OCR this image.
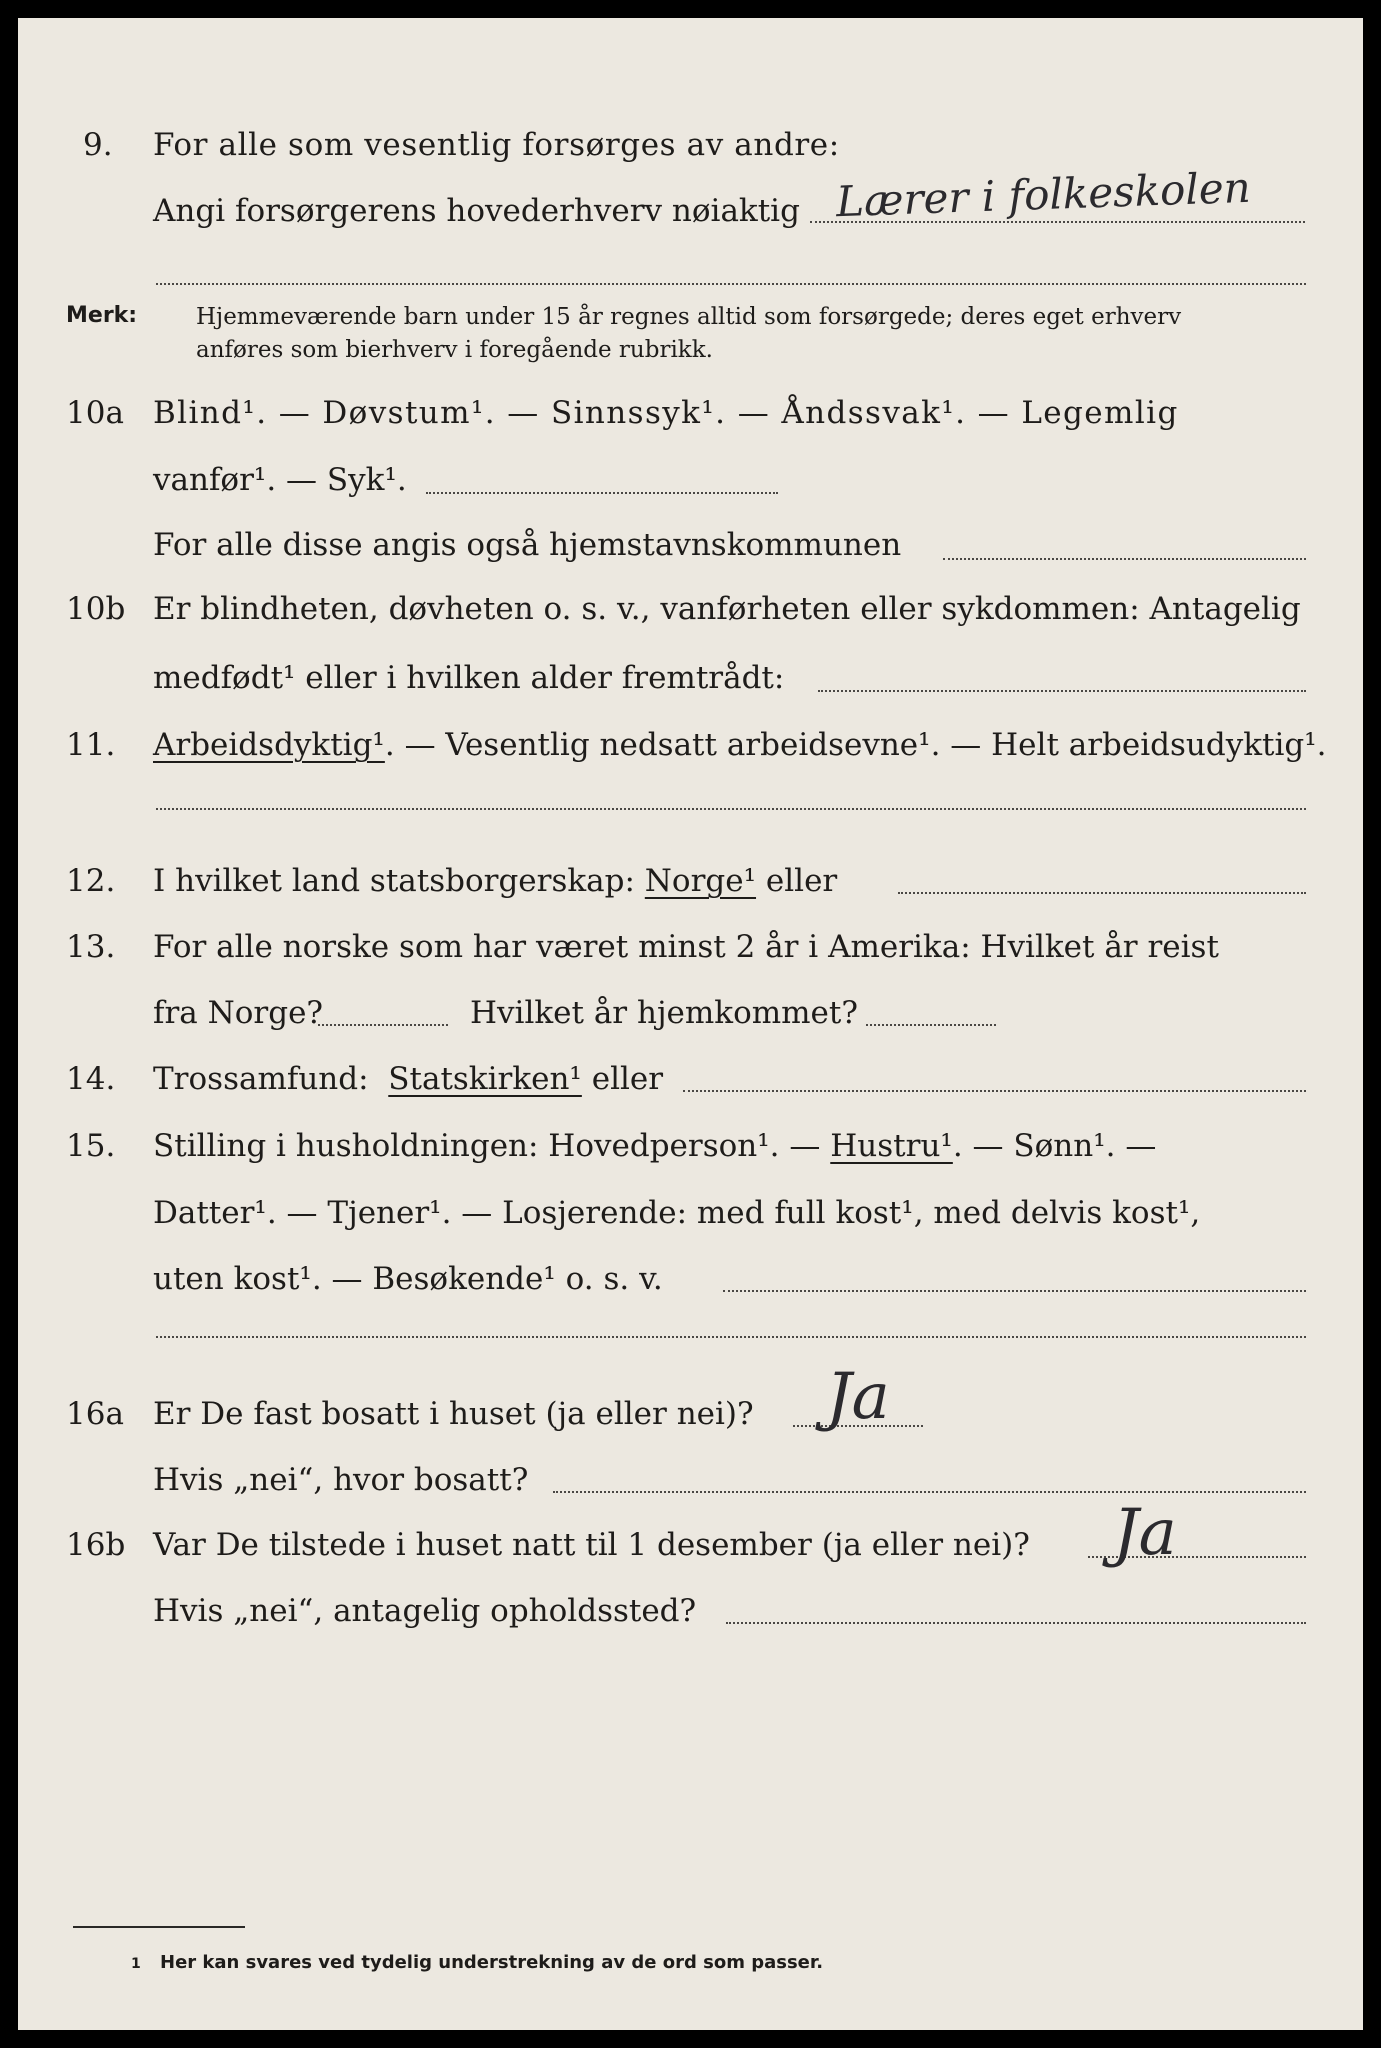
9. For alle som vesentlig forsørges av andre:
Angi forsørgerens hovederhverv nøiaktig Lærer i folkeskolen
Merk:	Hjemmeværende barn under 15 år regnes alltid som forsørgede; deres eget erhverv
anføres som bierhverv i foregående rubrikk.
10a Blind¹. — Døvstum¹. — Sinnssyk¹. — Åndssvak¹. — Legemlig
vanfør¹. — Syk¹.
For alle disse angis også hjemstavnskommunen
10b Er blindheten, døvheten o. s. v., vanførheten eller sykdommen: Antagelig
medfødt¹ eller i hvilken alder fremtrådt:
11. Arbeidsdyktig¹. — Vesentlig nedsatt arbeidsevne¹. — Helt arbeidsudyktig¹.
12. I hvilket land statsborgerskap: Norge¹ eller
13. For alle norske som har været minst 2 år i Amerika: Hvilket år reist
fra Norge?	Hvilket år hjemkommet?
14. Trossamfund: Statskirken¹ eller
15. Stilling i husholdningen: Hovedperson¹. — Hustru¹. — Sønn¹. —
Datter¹. — Tjener¹. — Losjerende: med full kost¹, med delvis kost¹,
uten kost¹. — Besøkende¹ o. s. v.
16a Er De fast bosatt i huset (ja eller nei)? Ja
Hvis „nei“, hvor bosatt?
16b Var De tilstede i huset natt til 1 desember (ja eller nei)? Ja
Hvis „nei“, antagelig opholdssted?
1 Her kan svares ved tydelig understrekning av de ord som passer.
